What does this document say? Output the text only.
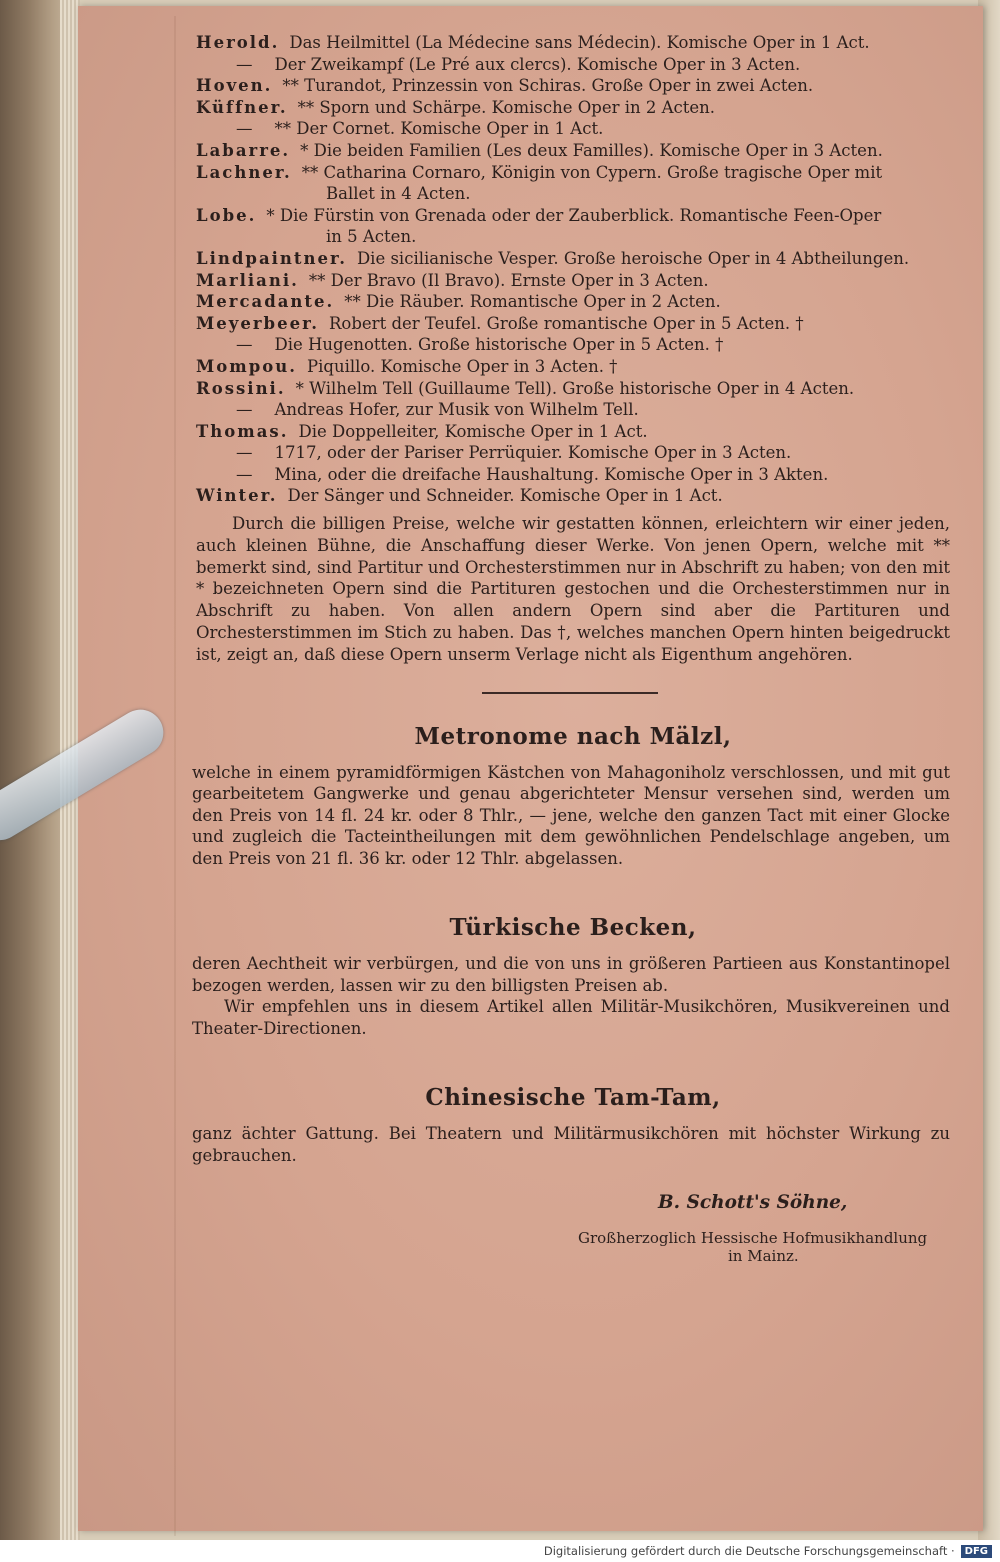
Herold. Das Heilmittel (La Médecine sans Médecin). Komische Oper in 1 Act.
— Der Zweikampf (Le Pré aux clercs). Komische Oper in 3 Acten.
Hoven. ** Turandot, Prinzessin von Schiras. Große Oper in zwei Acten.
Küffner. ** Sporn und Schärpe. Komische Oper in 2 Acten.
— ** Der Cornet. Komische Oper in 1 Act.
Labarre. * Die beiden Familien (Les deux Familles). Komische Oper in 3 Acten.
Lachner. ** Catharina Cornaro, Königin von Cypern. Große tragische Oper mit
Ballet in 4 Acten.
Lobe. * Die Fürstin von Grenada oder der Zauberblick. Romantische Feen-Oper
in 5 Acten.
Lindpaintner. Die sicilianische Vesper. Große heroische Oper in 4 Abtheilungen.
Marliani. ** Der Bravo (Il Bravo). Ernste Oper in 3 Acten.
Mercadante. ** Die Räuber. Romantische Oper in 2 Acten.
Meyerbeer. Robert der Teufel. Große romantische Oper in 5 Acten. †
— Die Hugenotten. Große historische Oper in 5 Acten. †
Mompou. Piquillo. Komische Oper in 3 Acten. †
Rossini. * Wilhelm Tell (Guillaume Tell). Große historische Oper in 4 Acten.
— Andreas Hofer, zur Musik von Wilhelm Tell.
Thomas. Die Doppelleiter, Komische Oper in 1 Act.
— 1717, oder der Pariser Perrüquier. Komische Oper in 3 Acten.
— Mina, oder die dreifache Haushaltung. Komische Oper in 3 Akten.
Winter. Der Sänger und Schneider. Komische Oper in 1 Act.

Durch die billigen Preise, welche wir gestatten können, erleichtern wir einer jeden, auch kleinen Bühne, die Anschaffung dieser Werke. Von jenen Opern, welche mit ** bemerkt sind, sind Partitur und Orchesterstimmen nur in Abschrift zu haben; von den mit * bezeichneten Opern sind die Partituren gestochen und die Orchesterstimmen nur in Abschrift zu haben. Von allen andern Opern sind aber die Partituren und Orchesterstimmen im Stich zu haben. Das †, welches manchen Opern hinten beigedruckt ist, zeigt an, daß diese Opern unserm Verlage nicht als Eigenthum angehören.

Metronome nach Mälzl,

welche in einem pyramidförmigen Kästchen von Mahagoniholz verschlossen, und mit gut gearbeitetem Gangwerke und genau abgerichteter Mensur versehen sind, werden um den Preis von 14 fl. 24 kr. oder 8 Thlr., — jene, welche den ganzen Tact mit einer Glocke und zugleich die Tacteintheilungen mit dem gewöhnlichen Pendelschlage angeben, um den Preis von 21 fl. 36 kr. oder 12 Thlr. abgelassen.

Türkische Becken,

deren Aechtheit wir verbürgen, und die von uns in größeren Partieen aus Konstantinopel bezogen werden, lassen wir zu den billigsten Preisen ab.
Wir empfehlen uns in diesem Artikel allen Militär-Musikchören, Musikvereinen und Theater-Directionen.

Chinesische Tam-Tam,

ganz ächter Gattung. Bei Theatern und Militärmusikchören mit höchster Wirkung zu gebrauchen.

B. Schott's Söhne,
Großherzoglich Hessische Hofmusikhandlung
in Mainz.
Digitalisierung gefördert durch die Deutsche Forschungsgemeinschaft ·	DFG
